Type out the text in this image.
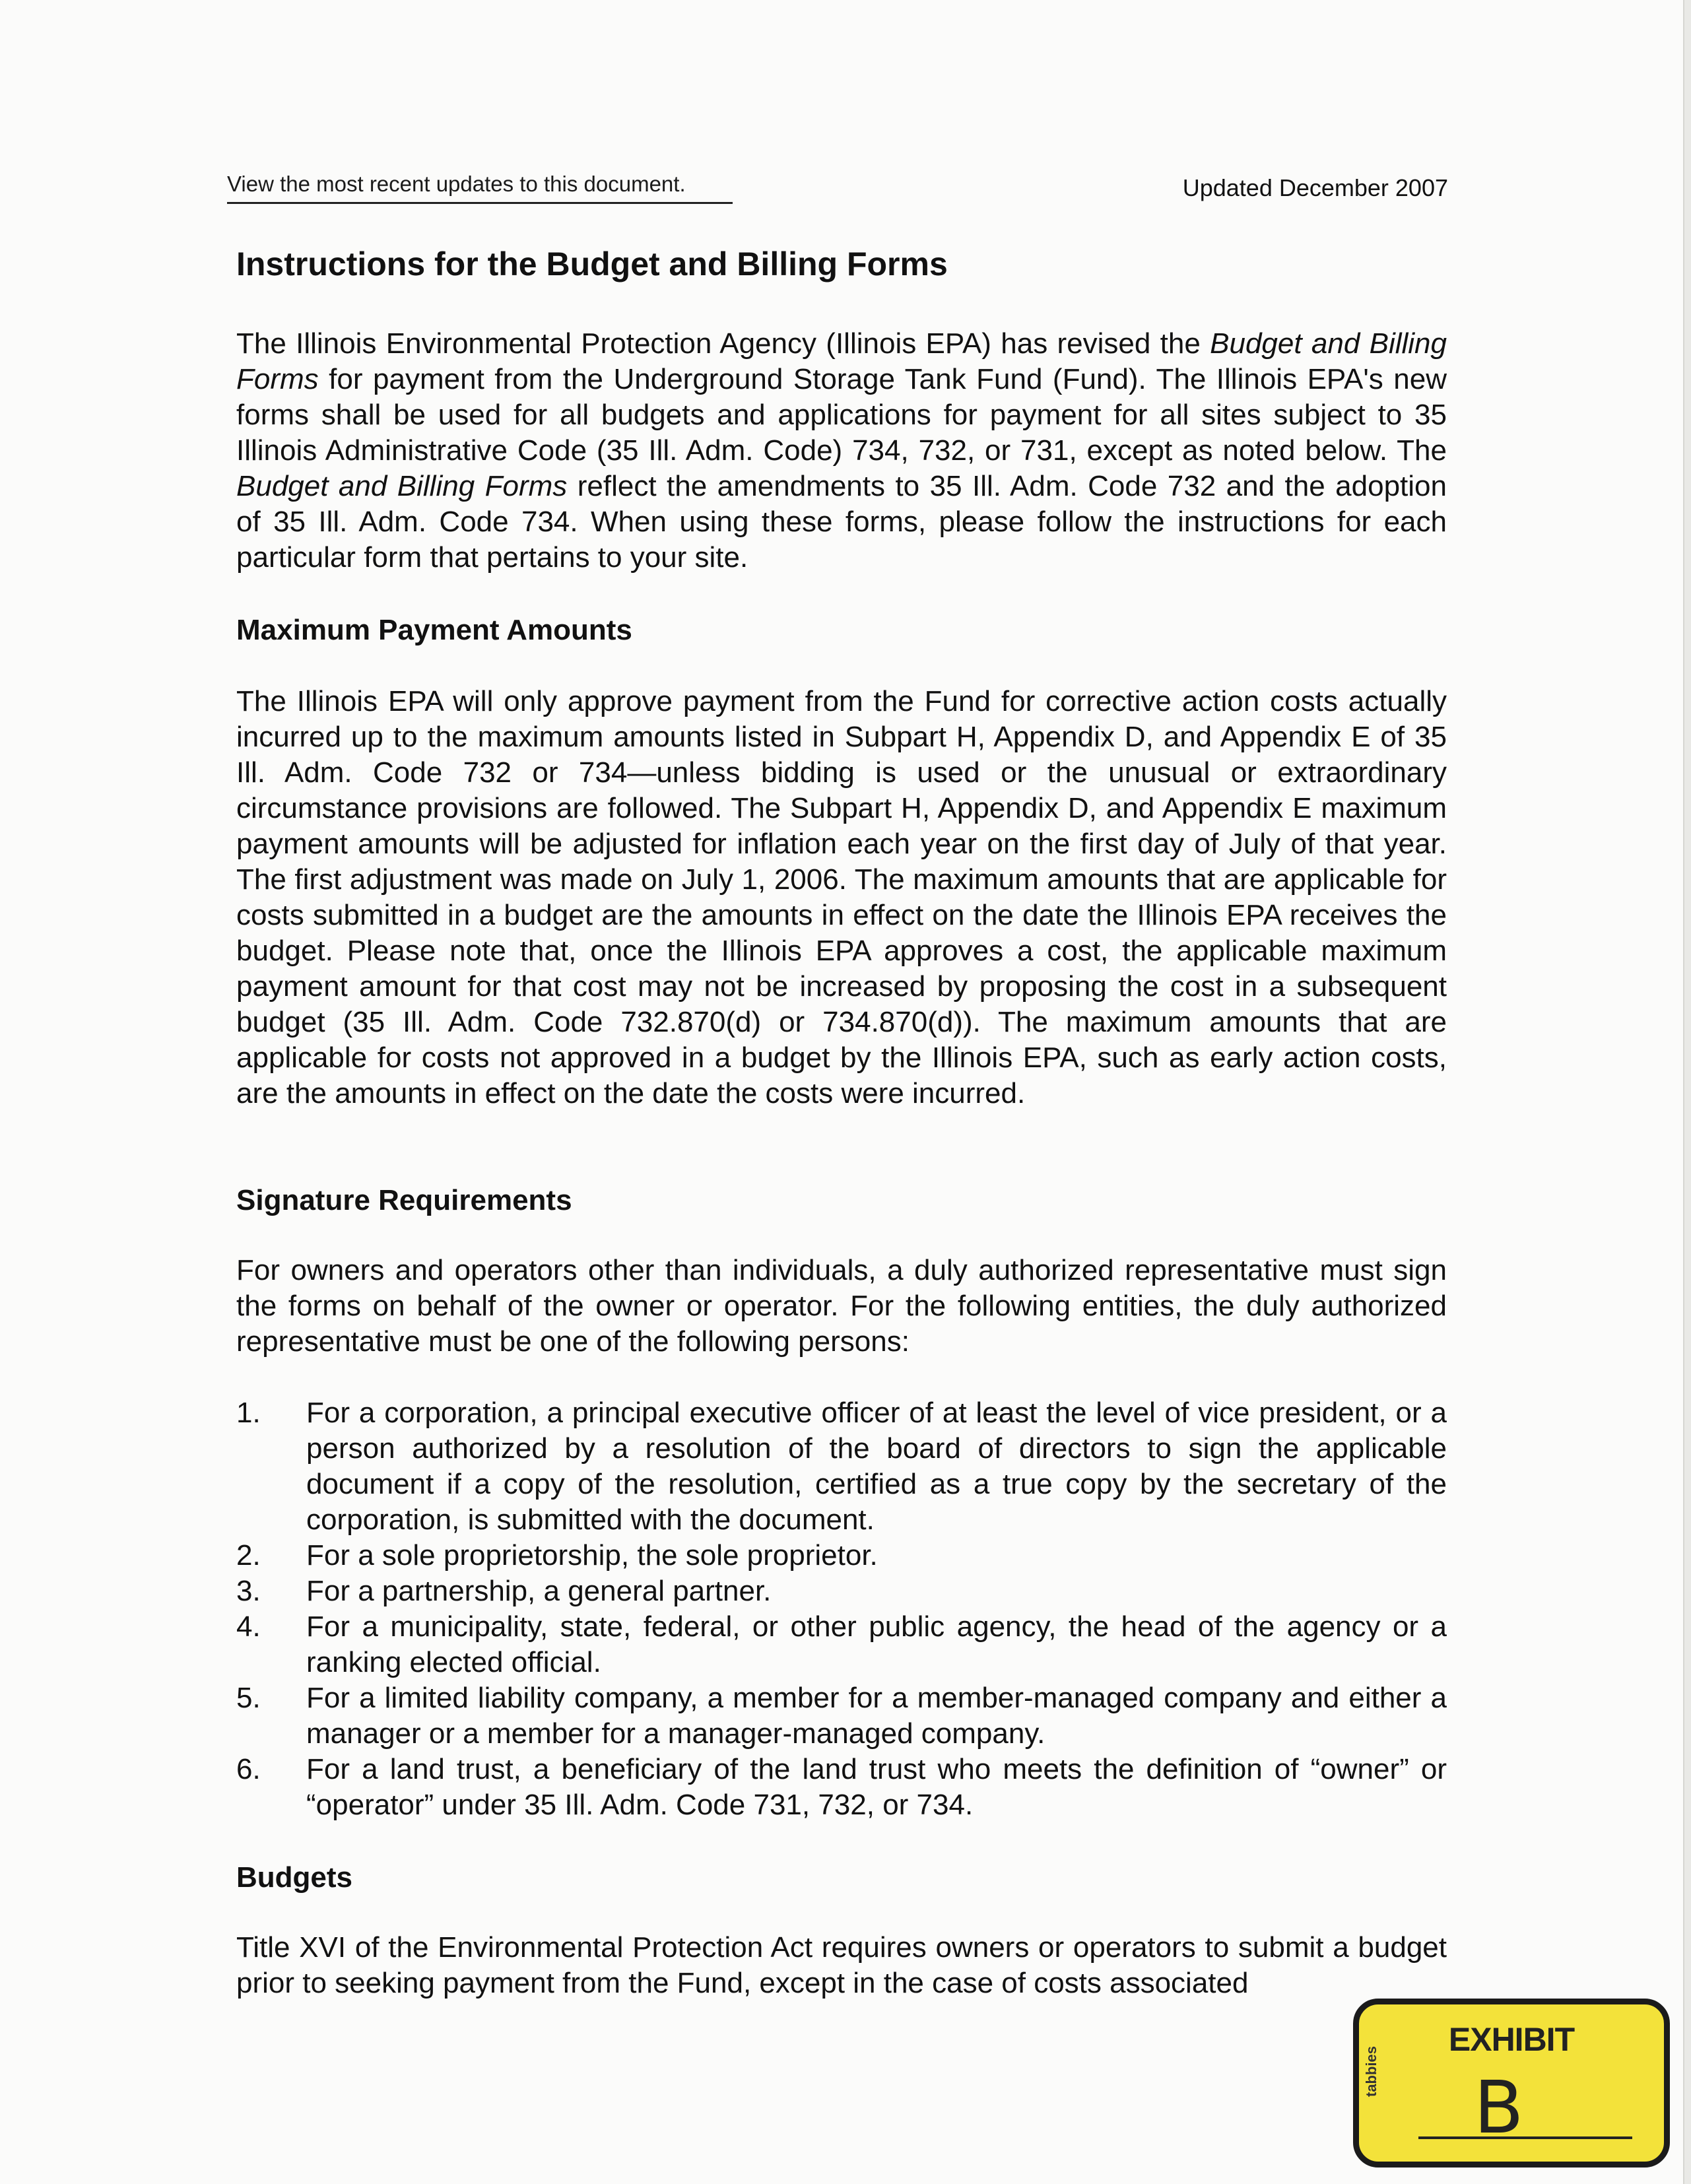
View the most recent updates to this document.	Updated December 2007
Instructions for the Budget and Billing Forms

The Illinois Environmental Protection Agency (Illinois EPA) has revised the Budget and Billing Forms for payment from the Underground Storage Tank Fund (Fund). The Illinois EPA's new forms shall be used for all budgets and applications for payment for all sites subject to 35 Illinois Administrative Code (35 Ill. Adm. Code) 734, 732, or 731, except as noted below. The Budget and Billing Forms reflect the amendments to 35 Ill. Adm. Code 732 and the adoption of 35 Ill. Adm. Code 734. When using these forms, please follow the instructions for each particular form that pertains to your site.

Maximum Payment Amounts

The Illinois EPA will only approve payment from the Fund for corrective action costs actually incurred up to the maximum amounts listed in Subpart H, Appendix D, and Appendix E of 35 Ill. Adm. Code 732 or 734—unless bidding is used or the unusual or extraordinary circumstance provisions are followed. The Subpart H, Appendix D, and Appendix E maximum payment amounts will be adjusted for inflation each year on the first day of July of that year. The first adjustment was made on July 1, 2006. The maximum amounts that are applicable for costs submitted in a budget are the amounts in effect on the date the Illinois EPA receives the budget. Please note that, once the Illinois EPA approves a cost, the applicable maximum payment amount for that cost may not be increased by proposing the cost in a subsequent budget (35 Ill. Adm. Code 732.870(d) or 734.870(d)). The maximum amounts that are applicable for costs not approved in a budget by the Illinois EPA, such as early action costs, are the amounts in effect on the date the costs were incurred.

Signature Requirements

For owners and operators other than individuals, a duly authorized representative must sign the forms on behalf of the owner or operator. For the following entities, the duly authorized representative must be one of the following persons:

1. For a corporation, a principal executive officer of at least the level of vice president, or a person authorized by a resolution of the board of directors to sign the applicable document if a copy of the resolution, certified as a true copy by the secretary of the corporation, is submitted with the document.
2. For a sole proprietorship, the sole proprietor.
3. For a partnership, a general partner.
4. For a municipality, state, federal, or other public agency, the head of the agency or a ranking elected official.
5. For a limited liability company, a member for a member-managed company and either a manager or a member for a manager-managed company.
6. For a land trust, a beneficiary of the land trust who meets the definition of “owner” or “operator” under 35 Ill. Adm. Code 731, 732, or 734.
Budgets

Title XVI of the Environmental Protection Act requires owners or operators to submit a budget prior to seeking payment from the Fund, except in the case of costs associated

EXHIBIT
tabbies B
